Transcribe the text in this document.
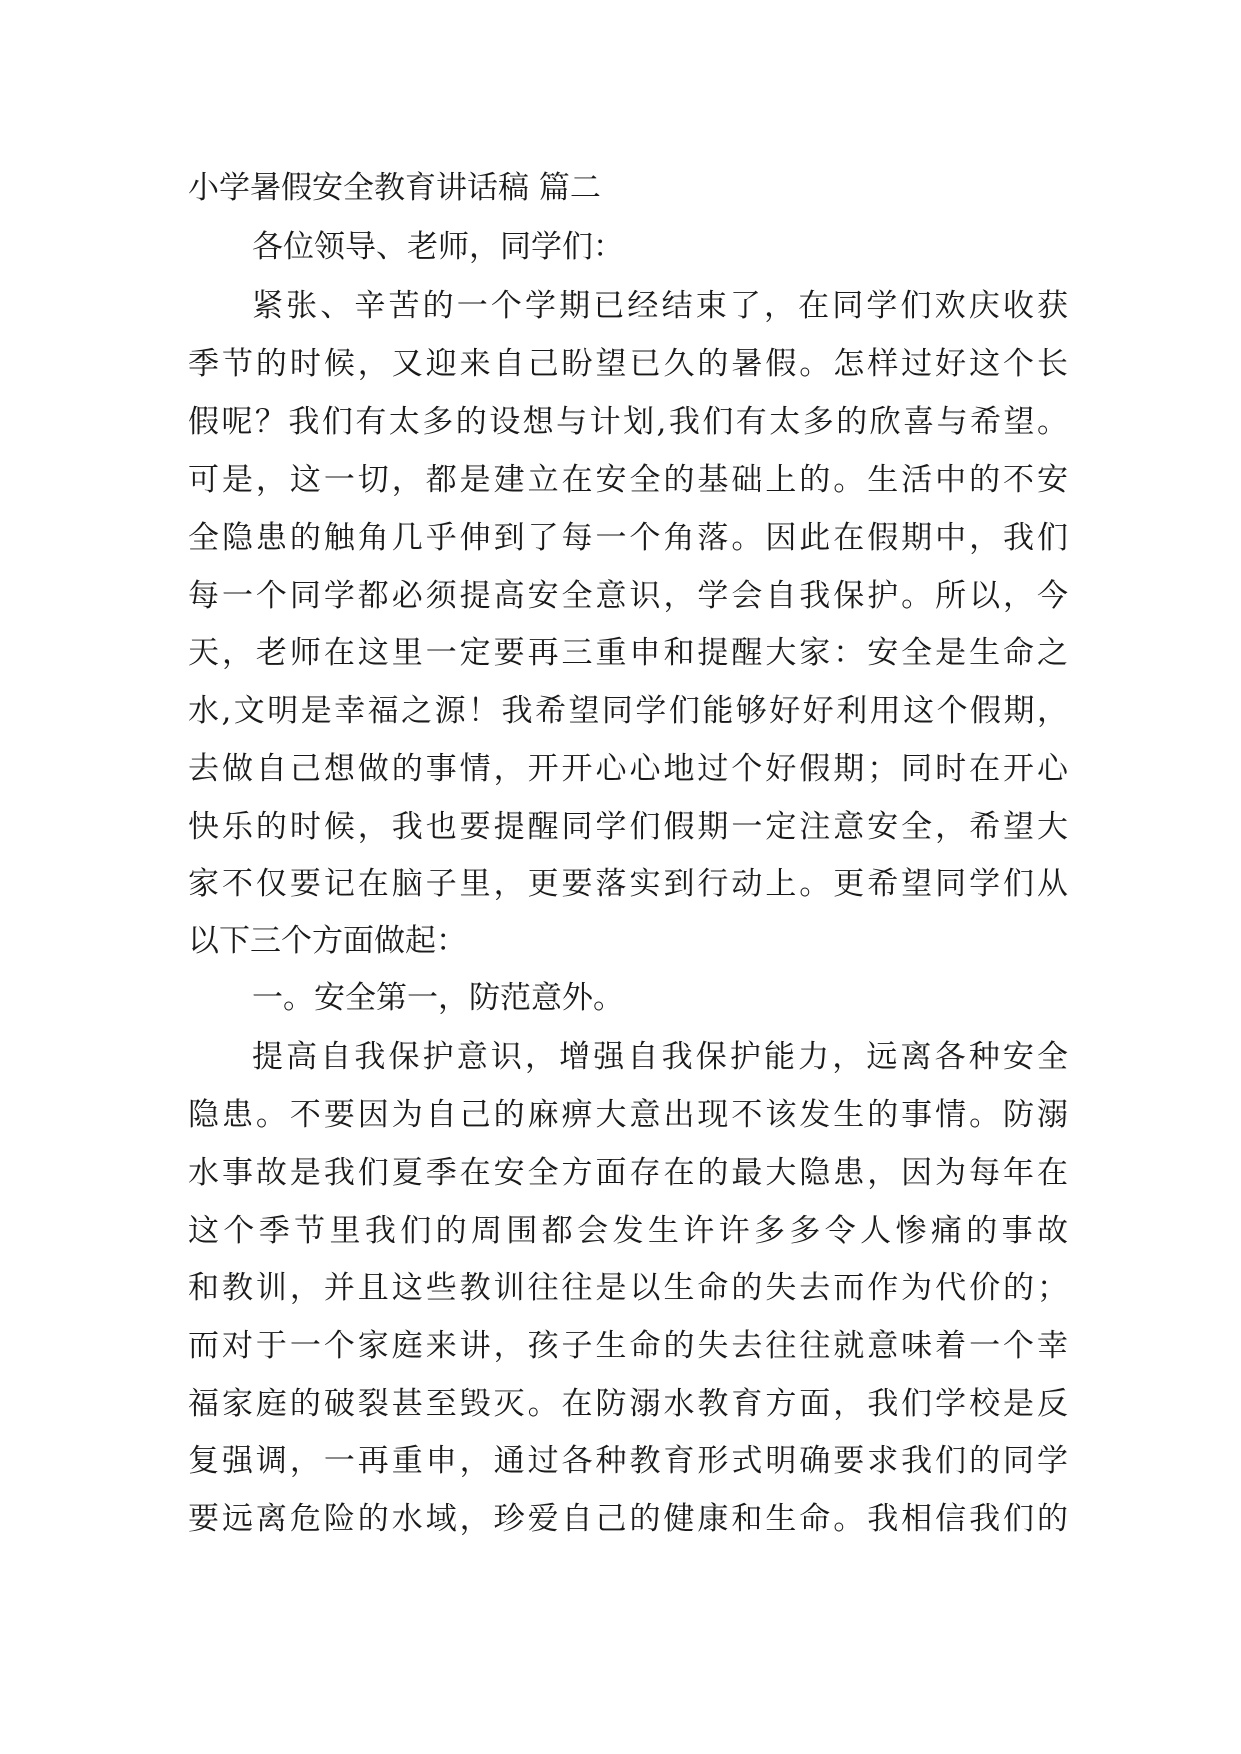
小学暑假安全教育讲话稿 篇二
各位领导、老师，同学们：
紧张、辛苦的一个学期已经结束了，在同学们欢庆收获
季节的时候，又迎来自己盼望已久的暑假。怎样过好这个长
假呢？我们有太多的设想与计划,我们有太多的欣喜与希望。
可是，这一切，都是建立在安全的基础上的。生活中的不安
全隐患的触角几乎伸到了每一个角落。因此在假期中，我们
每一个同学都必须提高安全意识，学会自我保护。所以，今
天，老师在这里一定要再三重申和提醒大家：安全是生命之
水,文明是幸福之源！我希望同学们能够好好利用这个假期，
去做自己想做的事情，开开心心地过个好假期；同时在开心
快乐的时候，我也要提醒同学们假期一定注意安全，希望大
家不仅要记在脑子里，更要落实到行动上。更希望同学们从
以下三个方面做起：
一。安全第一，防范意外。
提高自我保护意识，增强自我保护能力，远离各种安全
隐患。不要因为自己的麻痹大意出现不该发生的事情。防溺
水事故是我们夏季在安全方面存在的最大隐患，因为每年在
这个季节里我们的周围都会发生许许多多令人惨痛的事故
和教训，并且这些教训往往是以生命的失去而作为代价的；
而对于一个家庭来讲，孩子生命的失去往往就意味着一个幸
福家庭的破裂甚至毁灭。在防溺水教育方面，我们学校是反
复强调，一再重申，通过各种教育形式明确要求我们的同学
要远离危险的水域，珍爱自己的健康和生命。我相信我们的
